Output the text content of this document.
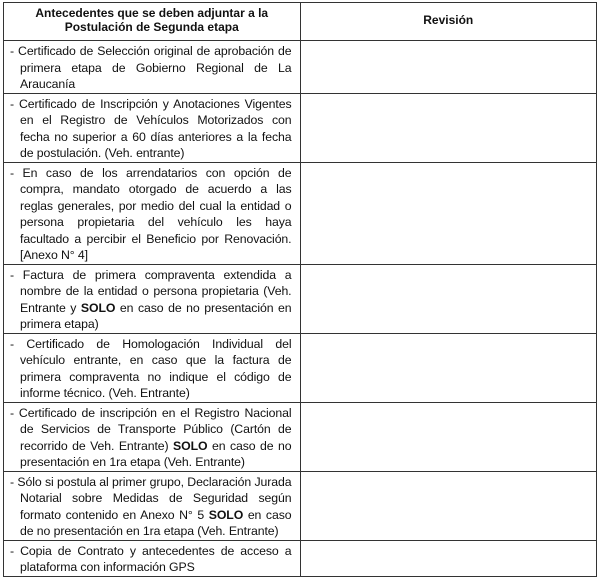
Antecedentes que se deben adjuntar a la Postulación de Segunda etapa	Revisión
- Certificado de Selección original de aprobación de primera etapa de Gobierno Regional de La Araucanía	
- Certificado de Inscripción y Anotaciones Vigentes en el Registro de Vehículos Motorizados con fecha no superior a 60 días anteriores a la fecha de postulación. (Veh. entrante)	
- En caso de los arrendatarios con opción de compra, mandato otorgado de acuerdo a las reglas generales, por medio del cual la entidad o persona propietaria del vehículo les haya facultado a percibir el Beneficio por Renovación. [Anexo N° 4]	
- Factura de primera compraventa extendida a nombre de la entidad o persona propietaria (Veh. Entrante y SOLO en caso de no presentación en primera etapa)	
- Certificado de Homologación Individual del vehículo entrante, en caso que la factura de primera compraventa no indique el código de informe técnico. (Veh. Entrante)	
- Certificado de inscripción en el Registro Nacional de Servicios de Transporte Público (Cartón de recorrido de Veh. Entrante) SOLO en caso de no presentación en 1ra etapa (Veh. Entrante)	
- Sólo si postula al primer grupo, Declaración Jurada Notarial sobre Medidas de Seguridad según formato contenido en Anexo N° 5 SOLO en caso de no presentación en 1ra etapa (Veh. Entrante)	
- Copia de Contrato y antecedentes de acceso a plataforma con información GPS	
